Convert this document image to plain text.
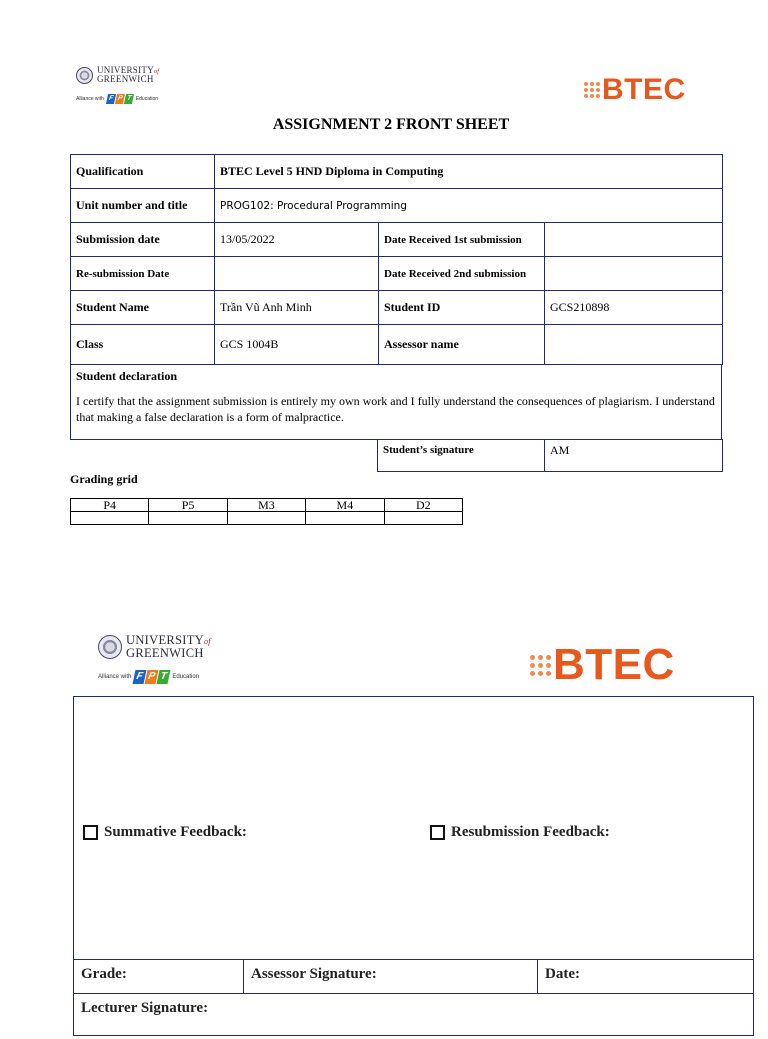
UNIVERSITYof
GREENWICH
Alliance with F P T Education	BTEC
ASSIGNMENT 2 FRONT SHEET
Qualification	BTEC Level 5 HND Diploma in Computing		
Unit number and title	PROG102: Procedural Programming		
Submission date	13/05/2022	Date Received 1st submission	
Re-submission Date		Date Received 2nd submission	
Student Name	Trần Vũ Anh Minh	Student ID	GCS210898
Class	GCS 1004B	Assessor name	
Student declaration
I certify that the assignment submission is entirely my own work and I fully understand the consequences of plagiarism. I understand that making a false declaration is a form of malpractice.
Student’s signature	AM
Grading grid
P4	P5	M3	M4	D2

UNIVERSITYof
GREENWICH
Alliance with F P T Education	BTEC
Summative Feedback:	Resubmission Feedback:
Grade:	Assessor Signature:	Date:
Lecturer Signature:
